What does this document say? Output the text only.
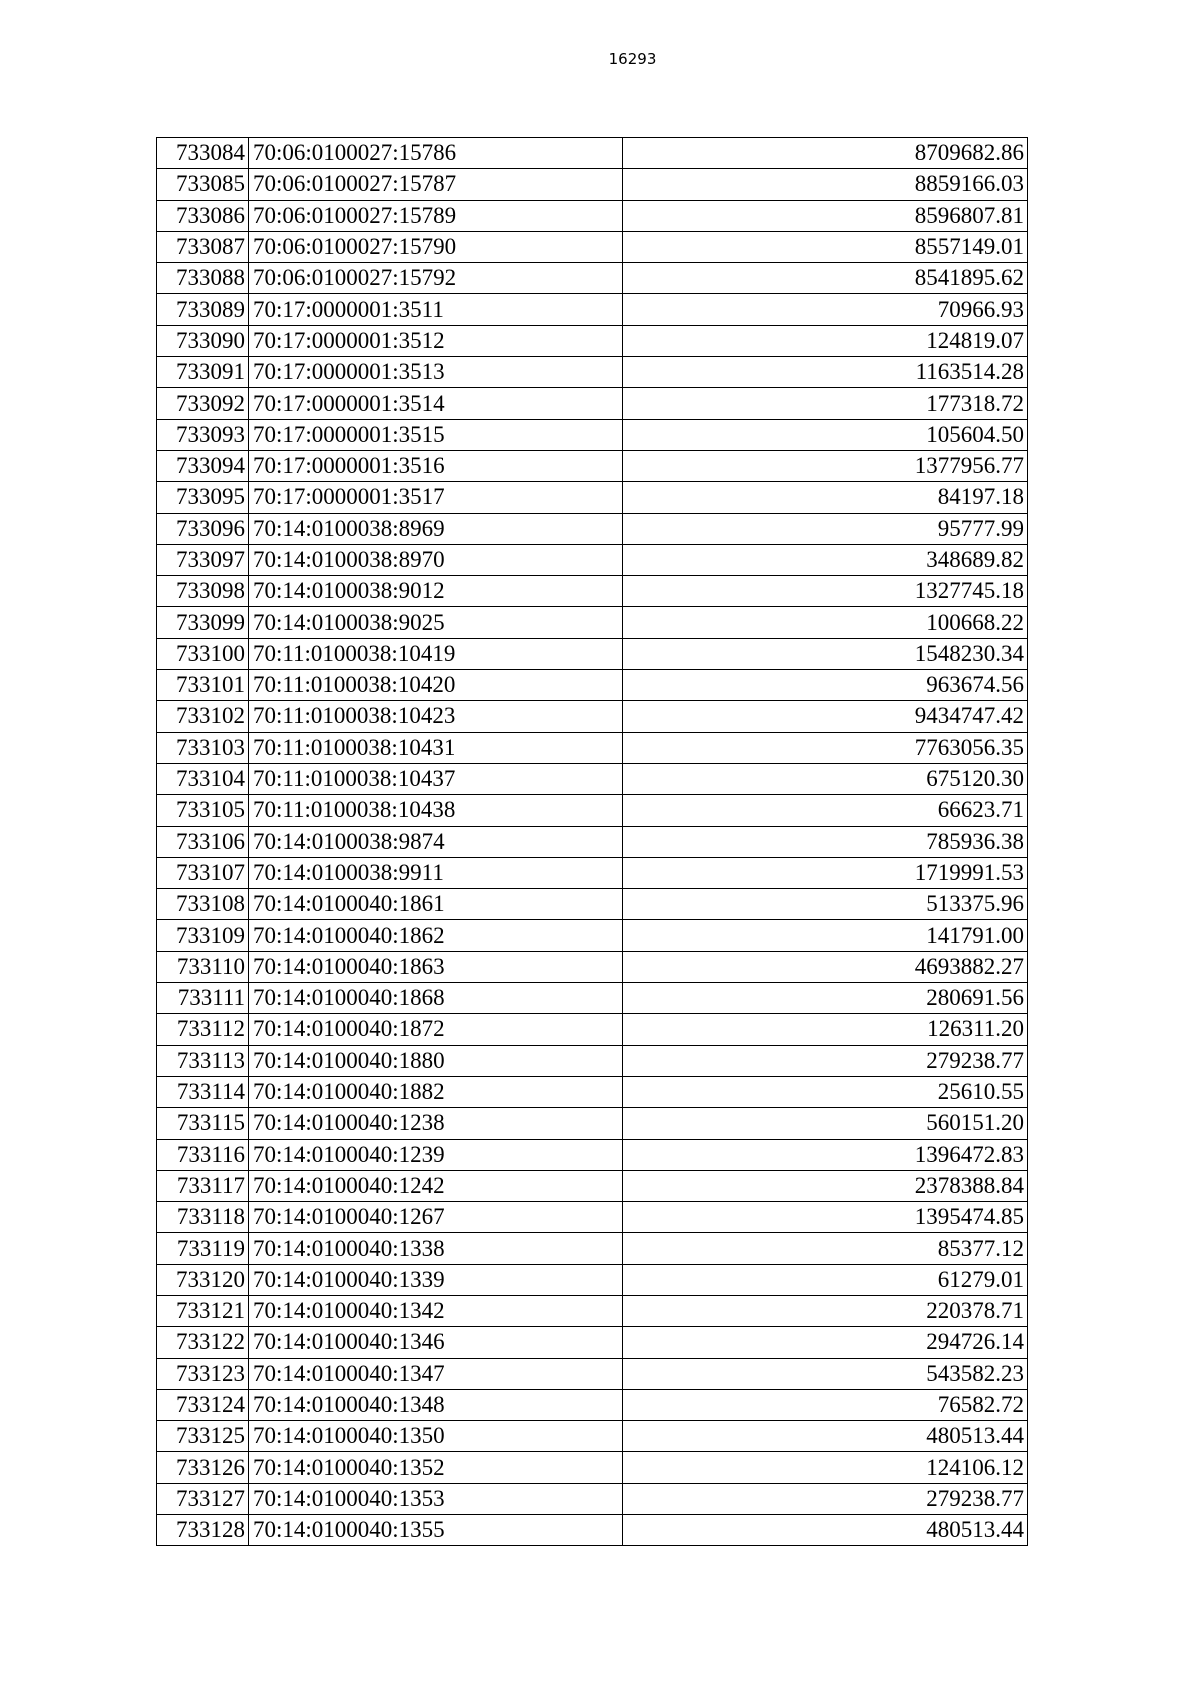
16293
733084	70:06:0100027:15786	8709682.86
733085	70:06:0100027:15787	8859166.03
733086	70:06:0100027:15789	8596807.81
733087	70:06:0100027:15790	8557149.01
733088	70:06:0100027:15792	8541895.62
733089	70:17:0000001:3511	70966.93
733090	70:17:0000001:3512	124819.07
733091	70:17:0000001:3513	1163514.28
733092	70:17:0000001:3514	177318.72
733093	70:17:0000001:3515	105604.50
733094	70:17:0000001:3516	1377956.77
733095	70:17:0000001:3517	84197.18
733096	70:14:0100038:8969	95777.99
733097	70:14:0100038:8970	348689.82
733098	70:14:0100038:9012	1327745.18
733099	70:14:0100038:9025	100668.22
733100	70:11:0100038:10419	1548230.34
733101	70:11:0100038:10420	963674.56
733102	70:11:0100038:10423	9434747.42
733103	70:11:0100038:10431	7763056.35
733104	70:11:0100038:10437	675120.30
733105	70:11:0100038:10438	66623.71
733106	70:14:0100038:9874	785936.38
733107	70:14:0100038:9911	1719991.53
733108	70:14:0100040:1861	513375.96
733109	70:14:0100040:1862	141791.00
733110	70:14:0100040:1863	4693882.27
733111	70:14:0100040:1868	280691.56
733112	70:14:0100040:1872	126311.20
733113	70:14:0100040:1880	279238.77
733114	70:14:0100040:1882	25610.55
733115	70:14:0100040:1238	560151.20
733116	70:14:0100040:1239	1396472.83
733117	70:14:0100040:1242	2378388.84
733118	70:14:0100040:1267	1395474.85
733119	70:14:0100040:1338	85377.12
733120	70:14:0100040:1339	61279.01
733121	70:14:0100040:1342	220378.71
733122	70:14:0100040:1346	294726.14
733123	70:14:0100040:1347	543582.23
733124	70:14:0100040:1348	76582.72
733125	70:14:0100040:1350	480513.44
733126	70:14:0100040:1352	124106.12
733127	70:14:0100040:1353	279238.77
733128	70:14:0100040:1355	480513.44
